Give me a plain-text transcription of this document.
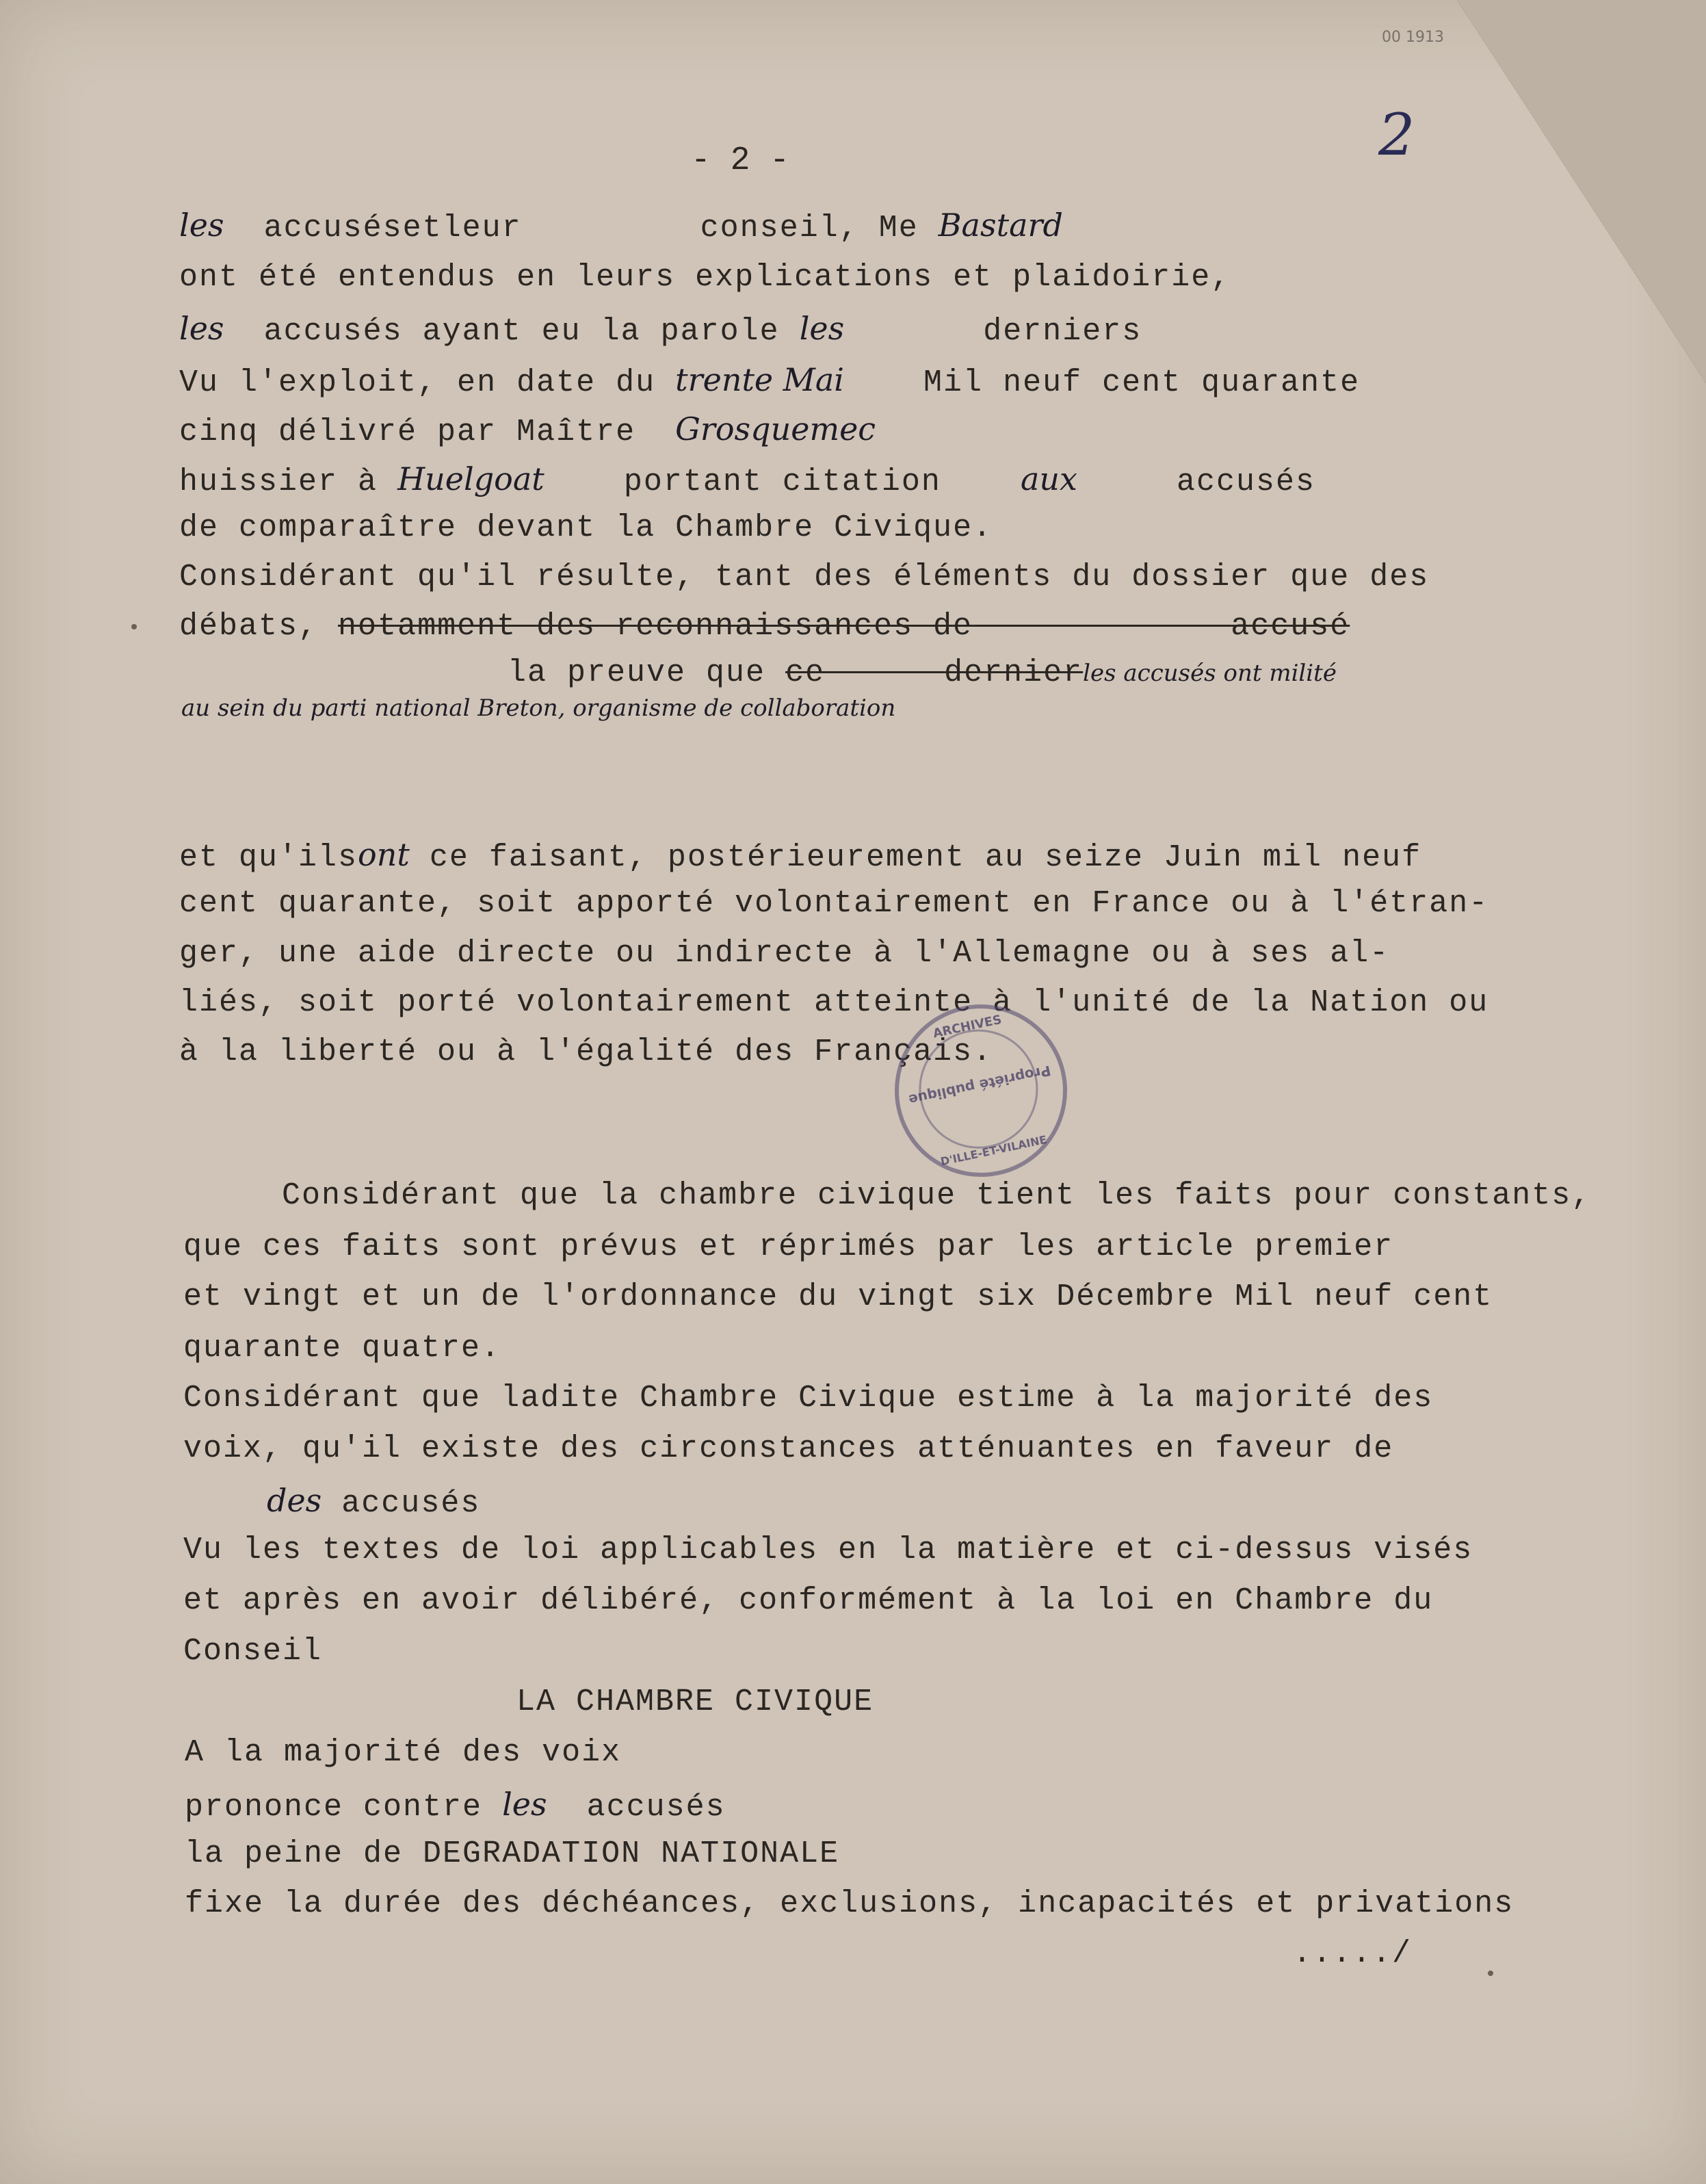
00 1913
2
- 2 -
les accusésetleur	conseil, Me Bastard
ont été entendus en leurs explications et plaidoirie,
les accusés ayant eu la parole les	derniers
Vu l'exploit, en date du trente Mai	Mil neuf cent quarante
cinq délivré par Maître Grosquemec
huissier à Huelgoat	portant citation	aux	accusés
de comparaître devant la Chambre Civique.
Considérant qu'il résulte, tant des éléments du dossier que des
débats, notamment des reconnaissances de	accusé
la preuve que ce	dernierles accusés ont milité
au sein du parti national Breton, organisme de collaboration
et qu'ilsont ce faisant, postérieurement au seize Juin mil neuf
cent quarante, soit apporté volontairement en France ou à l'étran-
ger, une aide directe ou indirecte à l'Allemagne ou à ses al-
liés, soit porté volontairement atteinte à l'unité de la Nation ou
à la liberté ou à l'égalité des Français.
ARCHIVES
Propriété publique
D'ILLE-ET-VILAINE
Considérant que la chambre civique tient les faits pour constants,
que ces faits sont prévus et réprimés par les article premier
et vingt et un de l'ordonnance du vingt six Décembre Mil neuf cent
quarante quatre.
Considérant que ladite Chambre Civique estime à la majorité des
voix, qu'il existe des circonstances atténuantes en faveur de
des accusés
Vu les textes de loi applicables en la matière et ci-dessus visés
et après en avoir délibéré, conformément à la loi en Chambre du
Conseil
LA CHAMBRE CIVIQUE
A la majorité des voix
prononce contre les accusés
la peine de DEGRADATION NATIONALE
fixe la durée des déchéances, exclusions, incapacités et privations
...../
